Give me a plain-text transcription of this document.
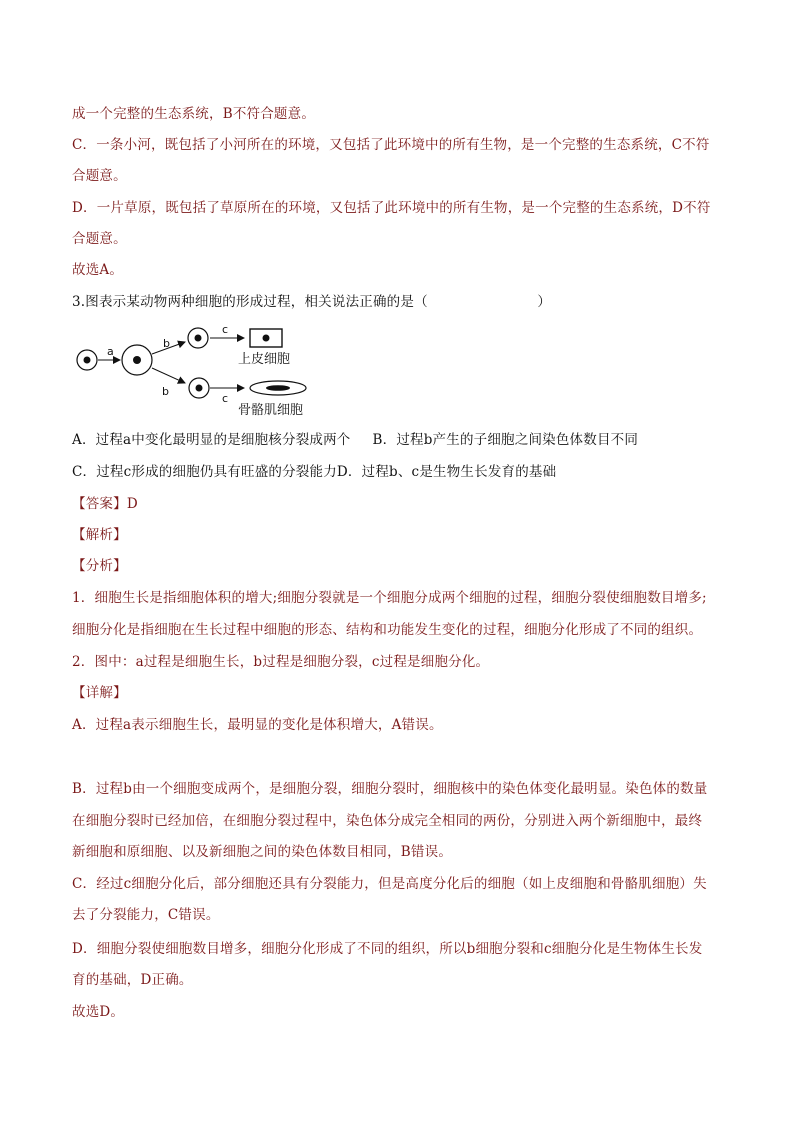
成一个完整的生态系统，B不符合题意。
C．一条小河，既包括了小河所在的环境，又包括了此环境中的所有生物，是一个完整的生态系统，C不符
合题意。
D．一片草原，既包括了草原所在的环境，又包括了此环境中的所有生物，是一个完整的生态系统，D不符
合题意。
故选A。
3.图表示某动物两种细胞的形成过程，相关说法正确的是（　　　　　　　　）
a
b
b
c
c
上皮细胞
骨骼肌细胞
A．过程a中变化最明显的是细胞核分裂成两个 B．过程b产生的子细胞之间染色体数目不同
C．过程c形成的细胞仍具有旺盛的分裂能力D．过程b、c是生物生长发育的基础
【答案】D
【解析】
【分析】
1．细胞生长是指细胞体积的增大;细胞分裂就是一个细胞分成两个细胞的过程，细胞分裂使细胞数目增多;
细胞分化是指细胞在生长过程中细胞的形态、结构和功能发生变化的过程，细胞分化形成了不同的组织。
2．图中：a过程是细胞生长，b过程是细胞分裂，c过程是细胞分化。
【详解】
A．过程a表示细胞生长，最明显的变化是体积增大，A错误。
B．过程b由一个细胞变成两个，是细胞分裂，细胞分裂时，细胞核中的染色体变化最明显。染色体的数量
在细胞分裂时已经加倍，在细胞分裂过程中，染色体分成完全相同的两份，分别进入两个新细胞中，最终
新细胞和原细胞、以及新细胞之间的染色体数目相同，B错误。
C．经过c细胞分化后，部分细胞还具有分裂能力，但是高度分化后的细胞（如上皮细胞和骨骼肌细胞）失
去了分裂能力，C错误。
D．细胞分裂使细胞数目增多，细胞分化形成了不同的组织，所以b细胞分裂和c细胞分化是生物体生长发
育的基础，D正确。
故选D。
